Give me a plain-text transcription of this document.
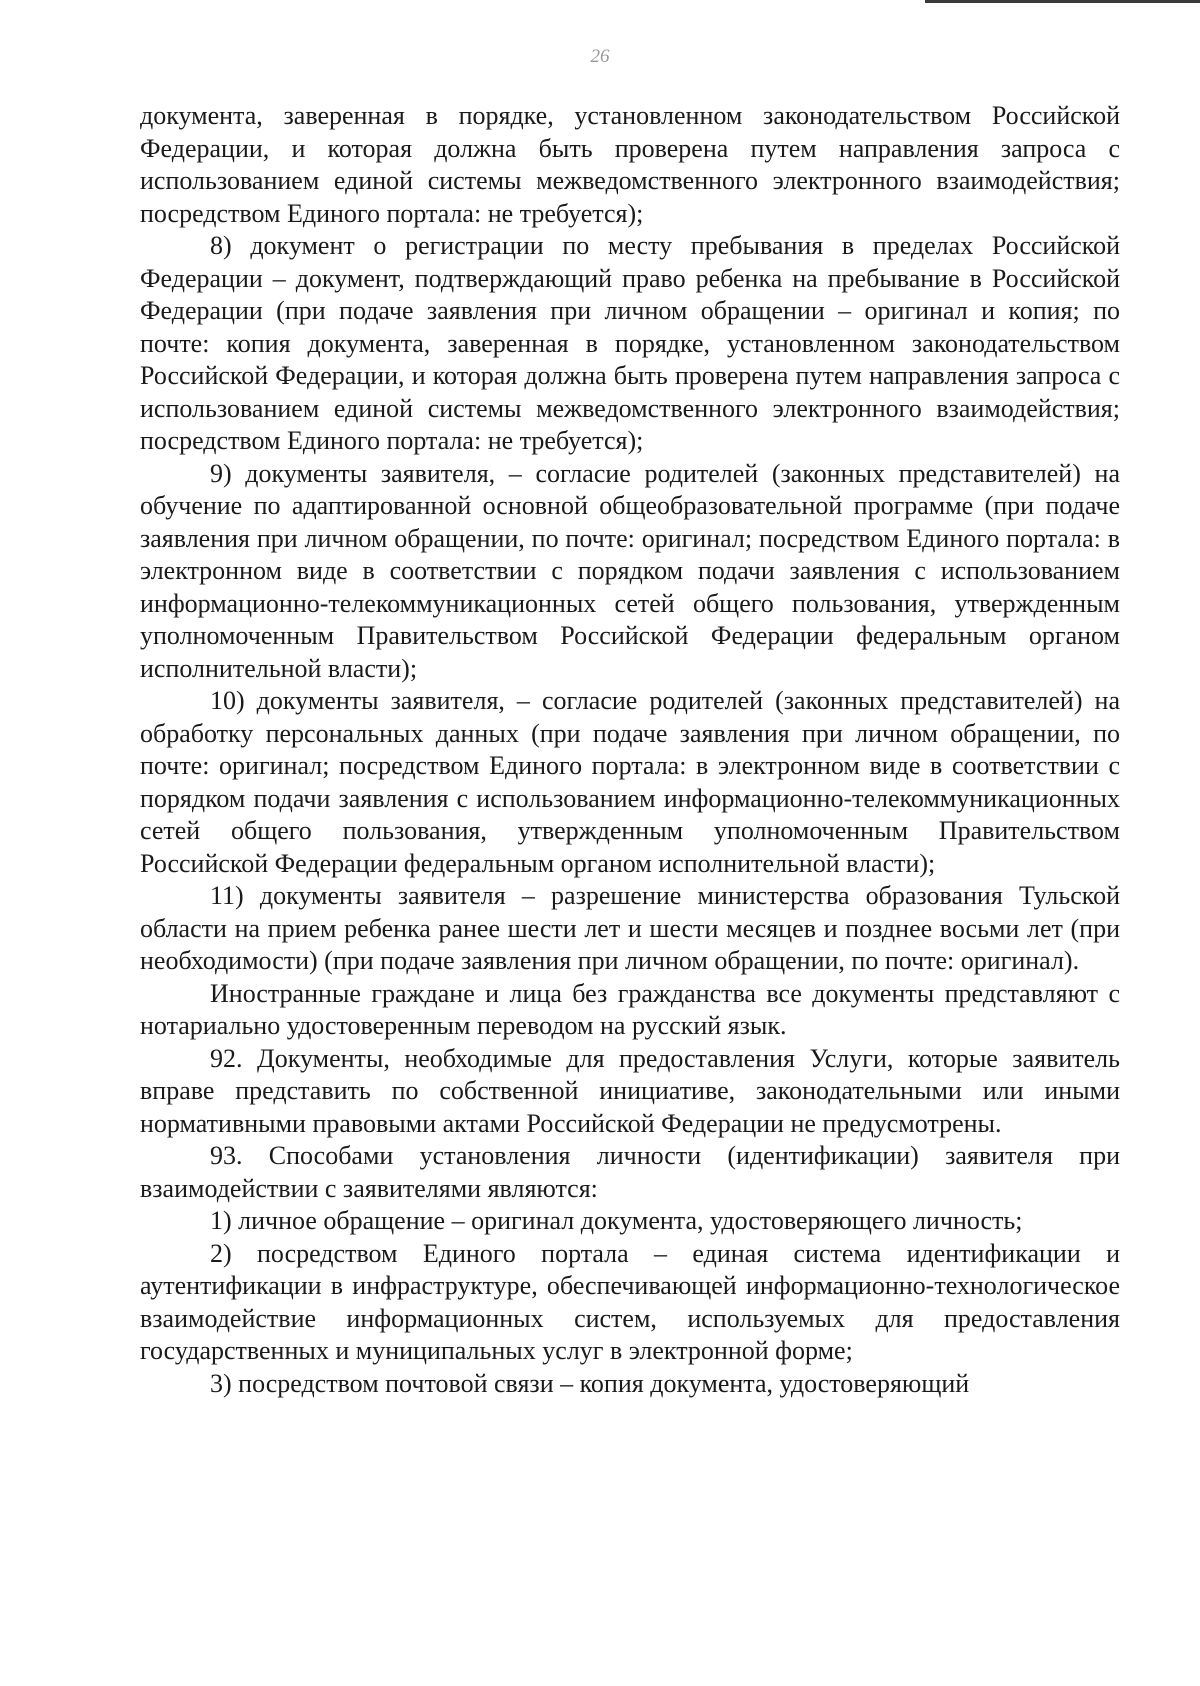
26

документа, заверенная в порядке, установленном законодательством Российской Федерации, и которая должна быть проверена путем направления запроса с использованием единой системы межведомственного электронного взаимодействия; посредством Единого портала: не требуется);

8) документ о регистрации по месту пребывания в пределах Российской Федерации – документ, подтверждающий право ребенка на пребывание в Российской Федерации (при подаче заявления при личном обращении – оригинал и копия; по почте: копия документа, заверенная в порядке, установленном законодательством Российской Федерации, и которая должна быть проверена путем направления запроса с использованием единой системы межведомственного электронного взаимодействия; посредством Единого портала: не требуется);

9) документы заявителя, – согласие родителей (законных представителей) на обучение по адаптированной основной общеобразовательной программе (при подаче заявления при личном обращении, по почте: оригинал; посредством Единого портала: в электронном виде в соответствии с порядком подачи заявления с использованием информационно-телекоммуникационных сетей общего пользования, утвержденным уполномоченным Правительством Российской Федерации федеральным органом исполнительной власти);

10) документы заявителя, – согласие родителей (законных представителей) на обработку персональных данных (при подаче заявления при личном обращении, по почте: оригинал; посредством Единого портала: в электронном виде в соответствии с порядком подачи заявления с использованием информационно-телекоммуникационных сетей общего пользования, утвержденным уполномоченным Правительством Российской Федерации федеральным органом исполнительной власти);

11) документы заявителя – разрешение министерства образования Тульской области на прием ребенка ранее шести лет и шести месяцев и позднее восьми лет (при необходимости) (при подаче заявления при личном обращении, по почте: оригинал).

Иностранные граждане и лица без гражданства все документы представляют с нотариально удостоверенным переводом на русский язык.

92. Документы, необходимые для предоставления Услуги, которые заявитель вправе представить по собственной инициативе, законодательными или иными нормативными правовыми актами Российской Федерации не предусмотрены.

93. Способами установления личности (идентификации) заявителя при взаимодействии с заявителями являются:

1) личное обращение – оригинал документа, удостоверяющего личность;

2) посредством Единого портала – единая система идентификации и аутентификации в инфраструктуре, обеспечивающей информационно-технологическое взаимодействие информационных систем, используемых для предоставления государственных и муниципальных услуг в электронной форме;

3) посредством почтовой связи – копия документа, удостоверяющий
